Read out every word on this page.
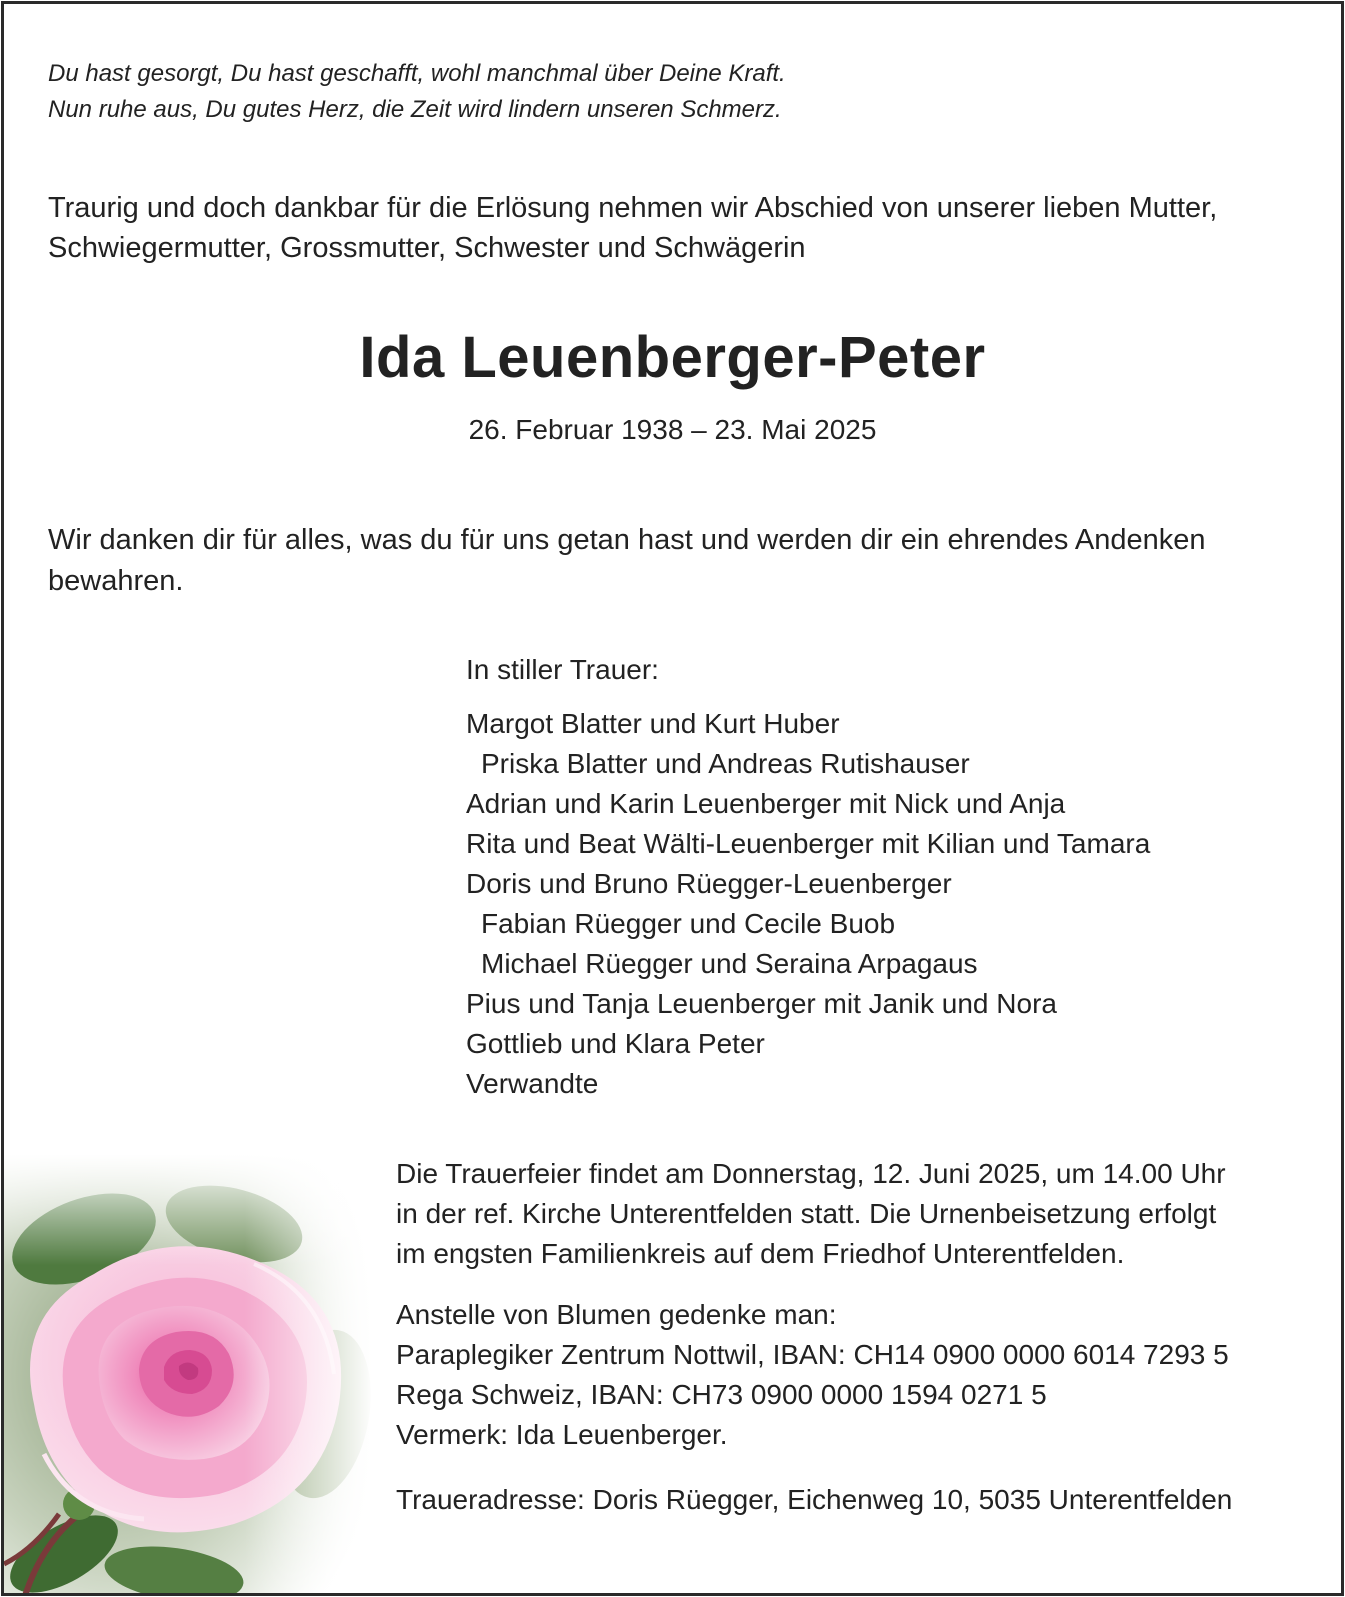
Du hast gesorgt, Du hast geschafft, wohl manchmal über Deine Kraft.
Nun ruhe aus, Du gutes Herz, die Zeit wird lindern unseren Schmerz.
Traurig und doch dankbar für die Erlösung nehmen wir Abschied von unserer lieben Mutter,
Schwiegermutter, Grossmutter, Schwester und Schwägerin
Ida Leuenberger-Peter
26. Februar 1938 – 23. Mai 2025
Wir danken dir für alles, was du für uns getan hast und werden dir ein ehrendes Andenken
bewahren.
In stiller Trauer:
Margot Blatter und Kurt Huber
Priska Blatter und Andreas Rutishauser
Adrian und Karin Leuenberger mit Nick und Anja
Rita und Beat Wälti-Leuenberger mit Kilian und Tamara
Doris und Bruno Rüegger-Leuenberger
Fabian Rüegger und Cecile Buob
Michael Rüegger und Seraina Arpagaus
Pius und Tanja Leuenberger mit Janik und Nora
Gottlieb und Klara Peter
Verwandte
Die Trauerfeier findet am Donnerstag, 12. Juni 2025, um 14.00 Uhr
in der ref. Kirche Unterentfelden statt. Die Urnenbeisetzung erfolgt
im engsten Familienkreis auf dem Friedhof Unterentfelden.
Anstelle von Blumen gedenke man:
Paraplegiker Zentrum Nottwil, IBAN: CH14 0900 0000 6014 7293 5
Rega Schweiz, IBAN: CH73 0900 0000 1594 0271 5
Vermerk: Ida Leuenberger.
Traueradresse: Doris Rüegger, Eichenweg 10, 5035 Unterentfelden
